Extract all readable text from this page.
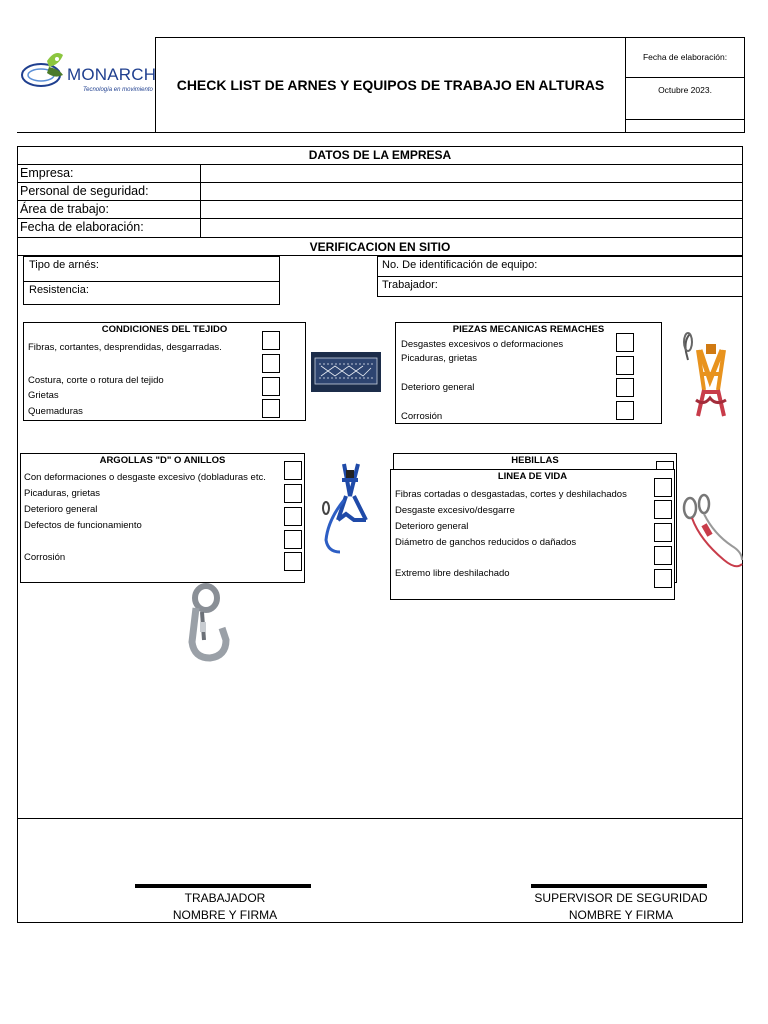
MONARCH
Tecnología en movimiento	CHECK LIST DE ARNES Y EQUIPOS DE TRABAJO EN ALTURAS
Fecha de elaboración:
Octubre 2023.
DATOS DE LA EMPRESA
Empresa:
Personal de seguridad:
Área de trabajo:
Fecha de elaboración:
VERIFICACION EN SITIO
Tipo de arnés:
Resistencia:
No. De identificación de equipo:
Trabajador:
CONDICIONES DEL TEJIDO
Fibras, cortantes, desprendidas, desgarradas.
Costura, corte o rotura del tejido
Grietas
Quemaduras
PIEZAS MECANICAS REMACHES
Desgastes excesivos o deformaciones
Picaduras, grietas
Deterioro general
Corrosión
ARGOLLAS "D" O ANILLOS
Con deformaciones o desgaste excesivo (dobladuras etc.
Picaduras, grietas
Deterioro general
Defectos de funcionamiento
Corrosión
HEBILLAS
LINEA DE VIDA
Fibras cortadas o desgastadas, cortes y deshilachados
Desgaste excesivo/desgarre
Deterioro general
Diámetro de ganchos reducidos o dañados
Extremo libre deshilachado
TRABAJADOR
NOMBRE Y FIRMA
SUPERVISOR DE SEGURIDAD
NOMBRE Y FIRMA
